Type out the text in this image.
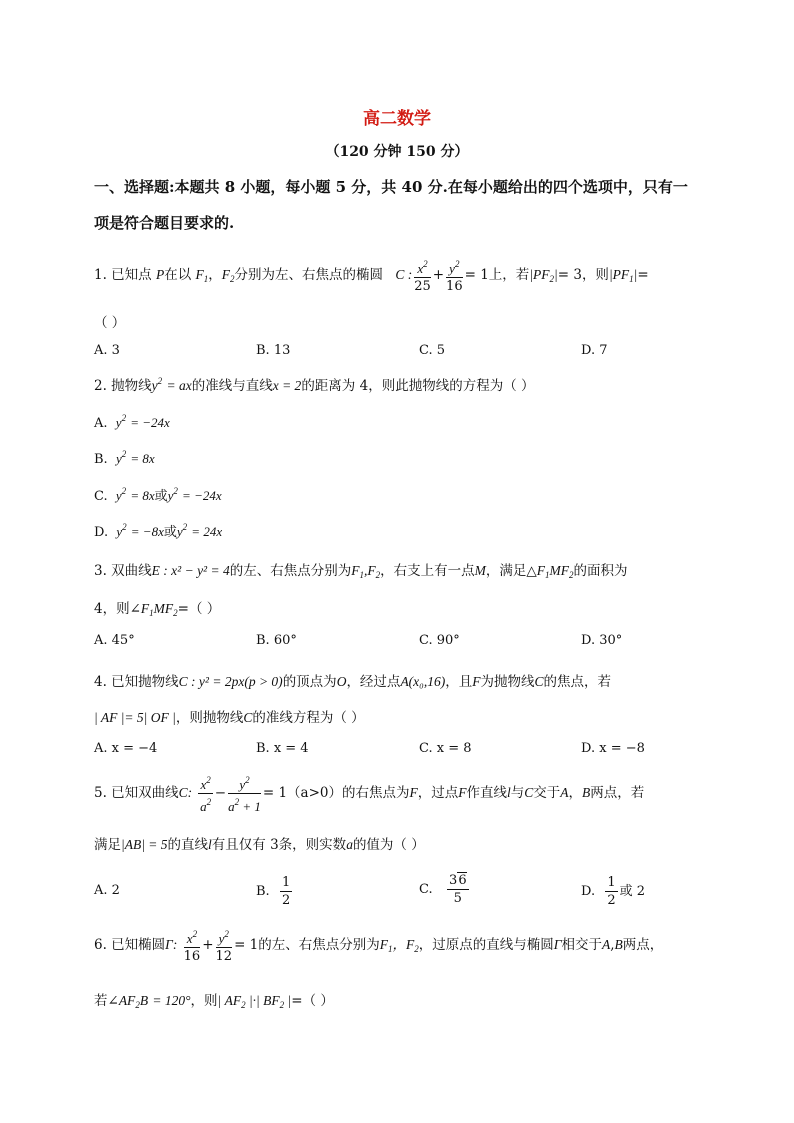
高二数学
（120 分钟 150 分）
一、选择题:本题共 8 小题，每小题 5 分，共 40 分.在每小题给出的四个选项中，只有一
项是符合题目要求的.
1. 已知点 P在以 $F_1$，$F_2$分别为左、右焦点的椭圆 C : $\frac{x^2}{25} + \frac{y^2}{16} = 1$上，若$|PF_2|= 3$，则$|PF_1|=$
（ ）
A. 3	B. 13	C. 5	D. 7
2. 抛物线$y^2$ = ax的准线与直线x = 2的距离为 4，则此抛物线的方程为（ ）
A. $y^2 = -24x$
B. $y^2 = 8x$
C. $y^2 = 8x$或$y^2 = -24x$
D. $y^2 = -8x$或$y^2 = 24x$
3. 双曲线E : x² − y² = 4的左、右焦点分别为$F_1,F_2$，右支上有一点M，满足$\triangle F_1MF_2$的面积为
4，则$\angle F_1MF_2=$（ ）
A. 45°	B. 60°	C. 90°	D. 30°
4. 已知抛物线C : y² = 2px(p > 0)的顶点为O，经过点A(x₀,16)，且F为抛物线C的焦点，若
| AF |= 5| OF |，则抛物线C的准线方程为（ ）
A. x = −4	B. x = 4	C. x = 8	D. x = −8
5. 已知双曲线C: $\frac{x^2}{a^2} - \frac{y^2}{a^2 + 1} = 1(a>0)$的右焦点为F，过点F作直线l与C交于A，B两点，若
满足|AB| = 5的直线l有且仅有 3条，则实数a的值为（ ）
A. 2	B. $\frac{1}{2}$	C. $\frac{36}{5}$	D. $\frac{1}{2}$ 或 2
6. 已知椭圆Γ: $\frac{x^2}{16} + \frac{y^2}{12} = 1$的左、右焦点分别为$F_1$，$F_2$，过原点的直线与椭圆Γ相交于A,B两点，
若$\angle AF_2B = 120^\circ$，则| $AF_2$ |·| $BF_2$ |=（ ）
